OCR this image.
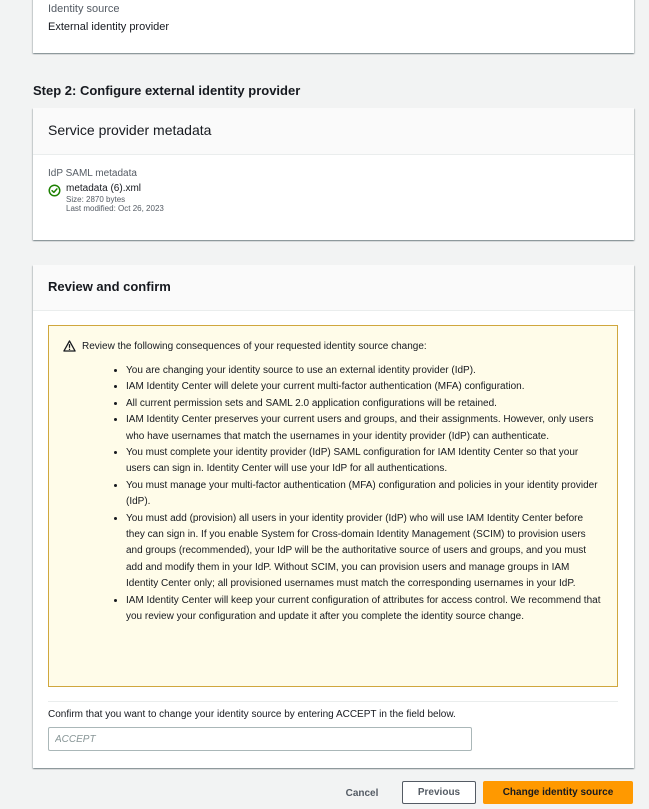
Identity source
External identity provider
Step 2: Configure external identity provider
Service provider metadata
IdP SAML metadata
metadata (6).xml
Size: 2870 bytes
Last modified: Oct 26, 2023
Review and confirm
Review the following consequences of your requested identity source change:
• You are changing your identity source to use an external identity provider (IdP).
• IAM Identity Center will delete your current multi-factor authentication (MFA) configuration.
• All current permission sets and SAML 2.0 application configurations will be retained.
• IAM Identity Center preserves your current users and groups, and their assignments. However, only users who have usernames that match the usernames in your identity provider (IdP) can authenticate.
• You must complete your identity provider (IdP) SAML configuration for IAM Identity Center so that your users can sign in. Identity Center will use your IdP for all authentications.
• You must manage your multi-factor authentication (MFA) configuration and policies in your identity provider (IdP).
• You must add (provision) all users in your identity provider (IdP) who will use IAM Identity Center before they can sign in. If you enable System for Cross-domain Identity Management (SCIM) to provision users and groups (recommended), your IdP will be the authoritative source of users and groups, and you must add and modify them in your IdP. Without SCIM, you can provision users and manage groups in IAM Identity Center only; all provisioned usernames must match the corresponding usernames in your IdP.
• IAM Identity Center will keep your current configuration of attributes for access control. We recommend that you review your configuration and update it after you complete the identity source change.
Confirm that you want to change your identity source by entering ACCEPT in the field below.
ACCEPT
Cancel	Previous	Change identity source
